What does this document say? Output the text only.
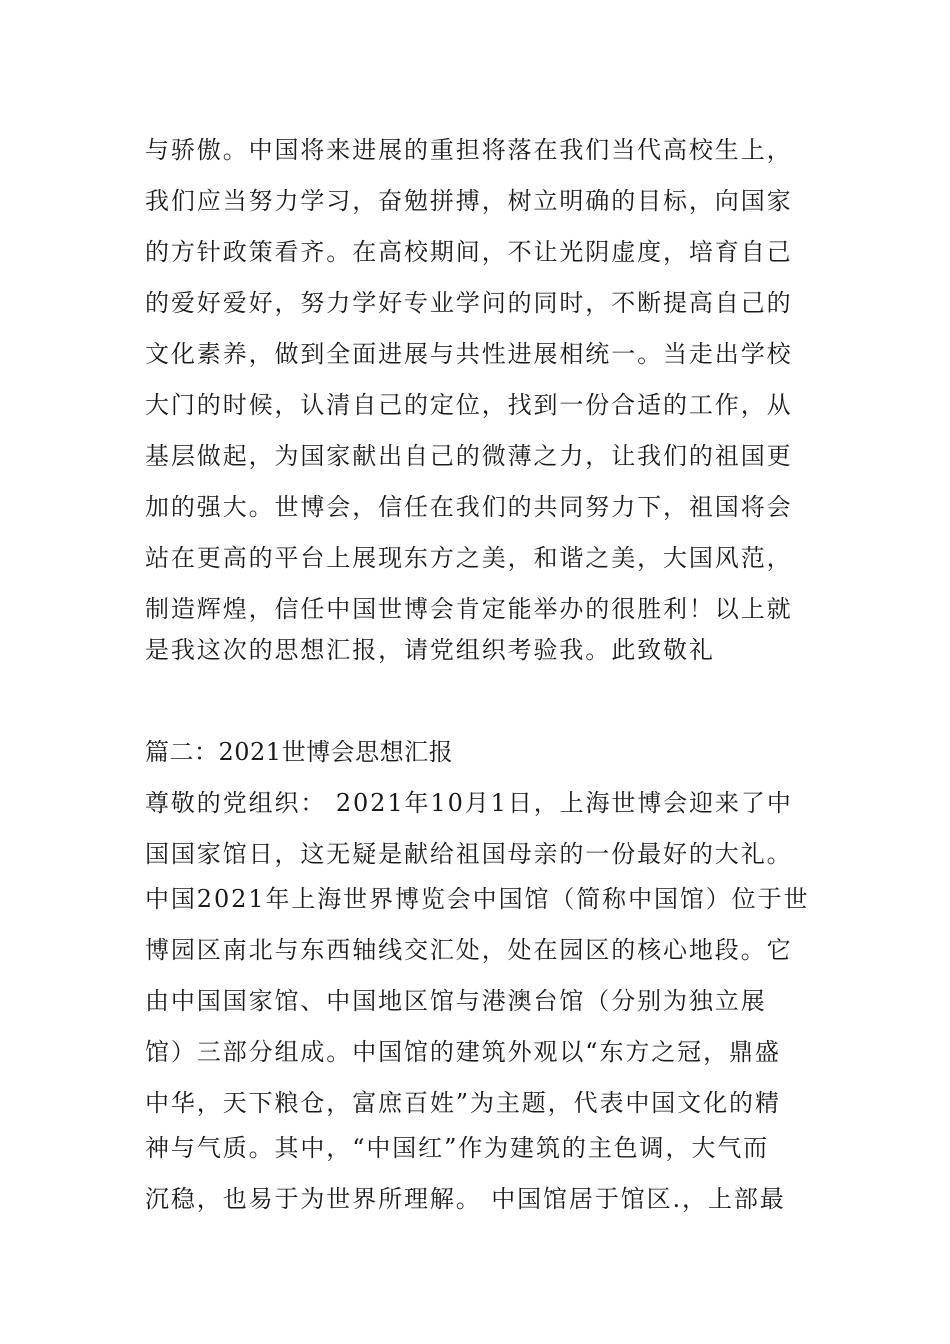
与骄傲。中国将来进展的重担将落在我们当代高校生上，
我们应当努力学习，奋勉拼搏，树立明确的目标，向国家
的方针政策看齐。在高校期间，不让光阴虚度，培育自己
的爱好爱好，努力学好专业学问的同时，不断提高自己的
文化素养，做到全面进展与共性进展相统一。当走出学校
大门的时候，认清自己的定位，找到一份合适的工作，从
基层做起，为国家献出自己的微薄之力，让我们的祖国更
加的强大。世博会，信任在我们的共同努力下，祖国将会
站在更高的平台上展现东方之美，和谐之美，大国风范，
制造辉煌，信任中国世博会肯定能举办的很胜利！以上就
是我这次的思想汇报，请党组织考验我。此致敬礼
篇二：2021世博会思想汇报
尊敬的党组织： 2021年10月1日，上海世博会迎来了中
国国家馆日，这无疑是献给祖国母亲的一份最好的大礼。
中国2021年上海世界博览会中国馆（简称中国馆）位于世
博园区南北与东西轴线交汇处，处在园区的核心地段。它
由中国国家馆、中国地区馆与港澳台馆（分别为独立展
馆）三部分组成。中国馆的建筑外观以“东方之冠，鼎盛
中华，天下粮仓，富庶百姓”为主题，代表中国文化的精
神与气质。其中，“中国红”作为建筑的主色调，大气而
沉稳，也易于为世界所理解。 中国馆居于馆区.，上部最
